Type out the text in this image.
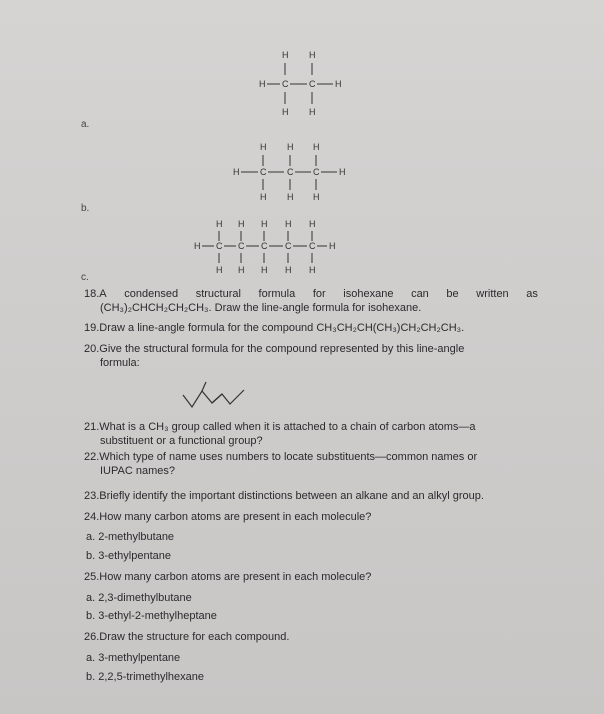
a.
b.
c.
H H
H C C H
H H
H H H
H C C C H
H H H
H H H H H
H C C C C C H
H H H H H
18.A condensed structural formula for isohexane can be written as
(CH₃)₂CHCH₂CH₂CH₃. Draw the line-angle formula for isohexane.
19.Draw a line-angle formula for the compound CH₃CH₂CH(CH₃)CH₂CH₂CH₃.
20.Give the structural formula for the compound represented by this line-angle
formula:
21.What is a CH₃ group called when it is attached to a chain of carbon atoms—a
substituent or a functional group?
22.Which type of name uses numbers to locate substituents—common names or
IUPAC names?
23.Briefly identify the important distinctions between an alkane and an alkyl group.
24.How many carbon atoms are present in each molecule?
a. 2-methylbutane
b. 3-ethylpentane
25.How many carbon atoms are present in each molecule?
a. 2,3-dimethylbutane
b. 3-ethyl-2-methylheptane
26.Draw the structure for each compound.
a. 3-methylpentane
b. 2,2,5-trimethylhexane
